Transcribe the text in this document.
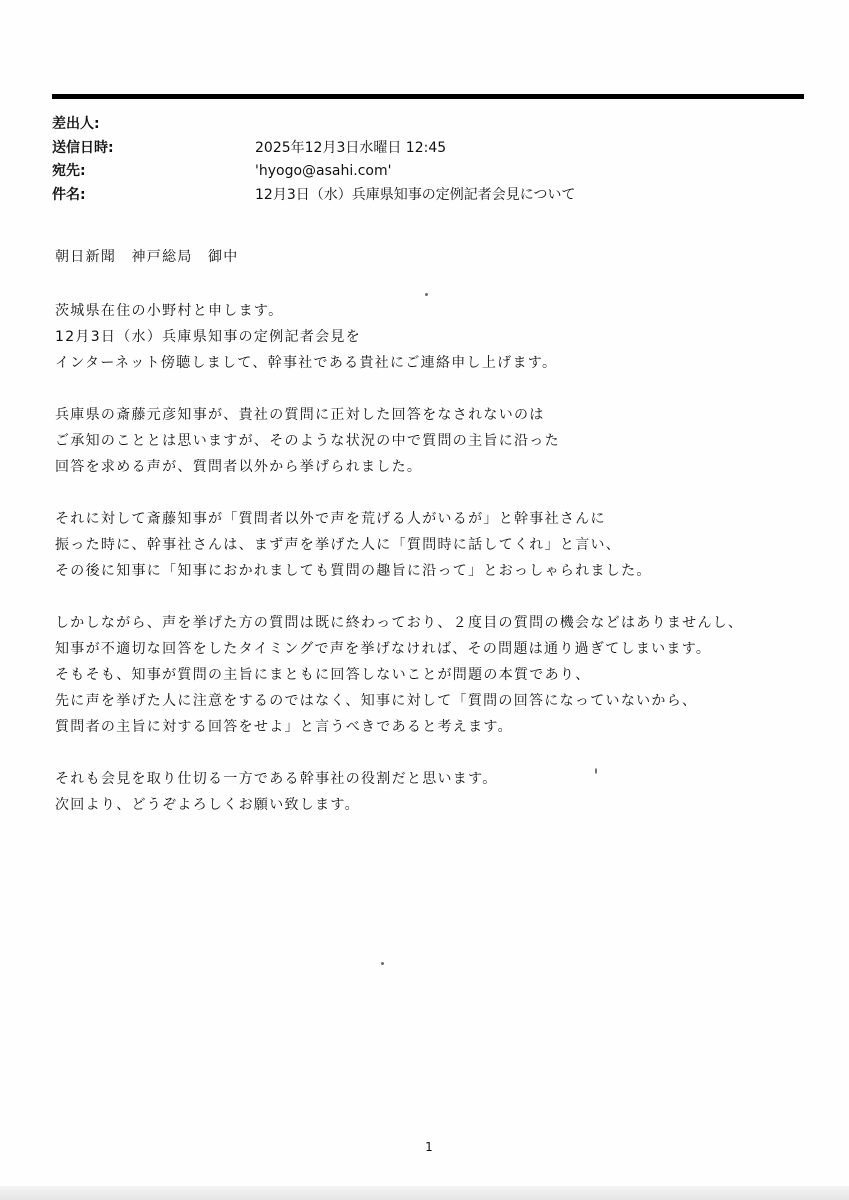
差出人:
送信日時:	2025年12月3日水曜日 12:45
宛先:	'hyogo@asahi.com'
件名:	12月3日（水）兵庫県知事の定例記者会見について
朝日新聞　神戸総局　御中
茨城県在住の小野村と申します。
12月3日（水）兵庫県知事の定例記者会見を
インターネット傍聴しまして、幹事社である貴社にご連絡申し上げます。
兵庫県の斎藤元彦知事が、貴社の質問に正対した回答をなされないのは
ご承知のこととは思いますが、そのような状況の中で質問の主旨に沿った
回答を求める声が、質問者以外から挙げられました。
それに対して斎藤知事が「質問者以外で声を荒げる人がいるが」と幹事社さんに
振った時に、幹事社さんは、まず声を挙げた人に「質問時に話してくれ」と言い、
その後に知事に「知事におかれましても質問の趣旨に沿って」とおっしゃられました。
しかしながら、声を挙げた方の質問は既に終わっており、２度目の質問の機会などはありませんし、
知事が不適切な回答をしたタイミングで声を挙げなければ、その問題は通り過ぎてしまいます。
そもそも、知事が質問の主旨にまともに回答しないことが問題の本質であり、
先に声を挙げた人に注意をするのではなく、知事に対して「質問の回答になっていないから、
質問者の主旨に対する回答をせよ」と言うべきであると考えます。
それも会見を取り仕切る一方である幹事社の役割だと思います。
次回より、どうぞよろしくお願い致します。
1
